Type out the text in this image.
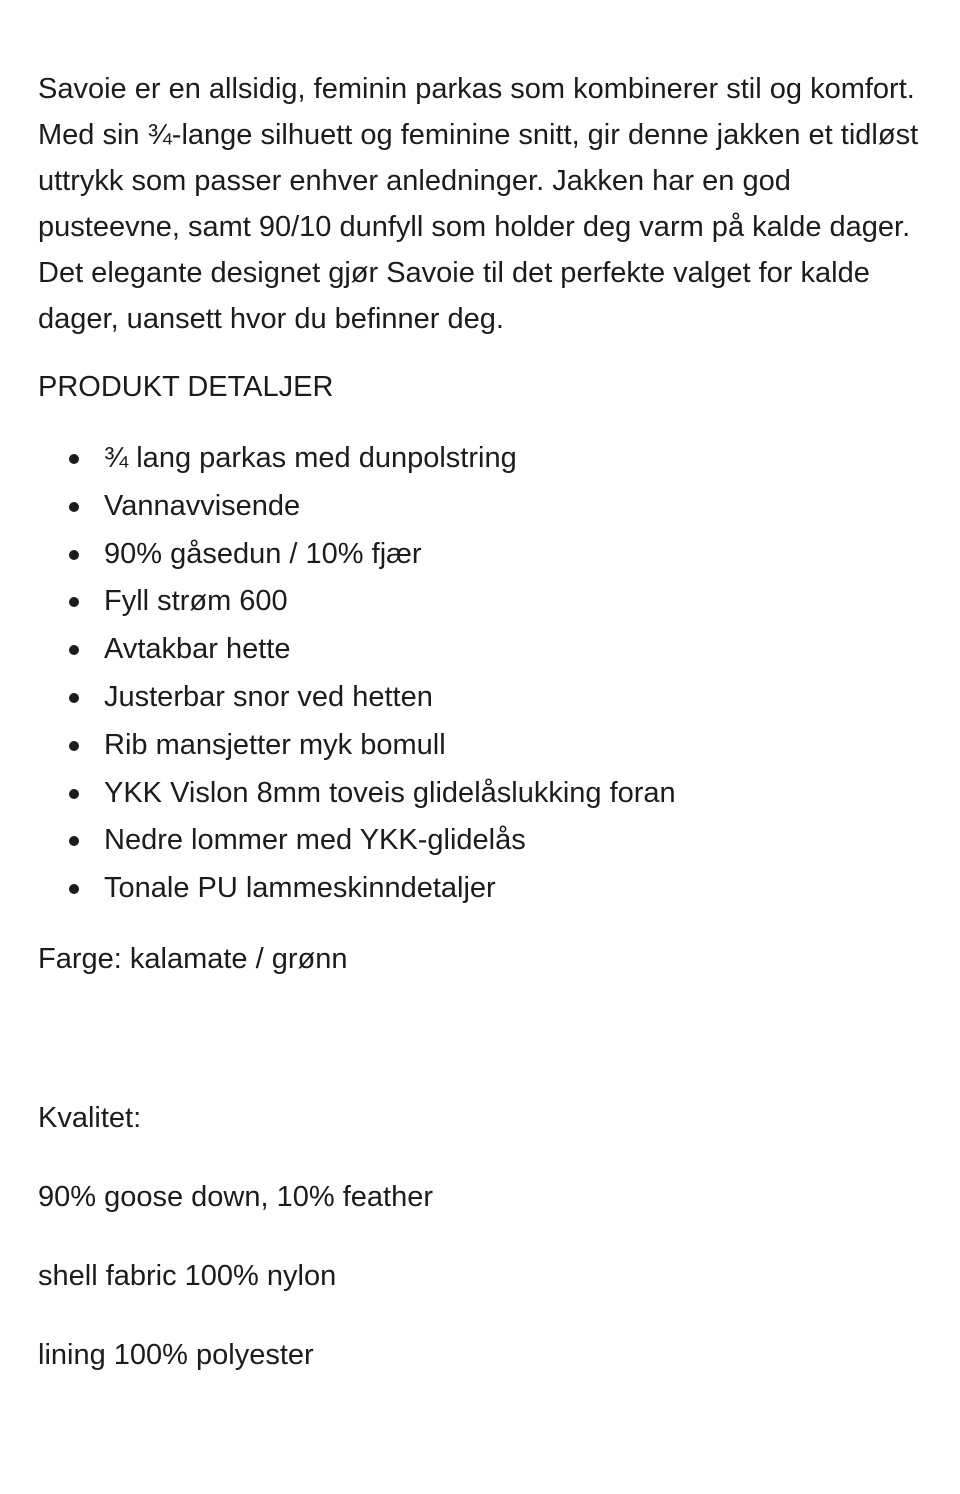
Savoie er en allsidig, feminin parkas som kombinerer stil og komfort. Med sin ¾-lange silhuett og feminine snitt, gir denne jakken et tidløst uttrykk som passer enhver anledninger. Jakken har en god pusteevne, samt 90/10 dunfyll som holder deg varm på kalde dager. Det elegante designet gjør Savoie til det perfekte valget for kalde dager, uansett hvor du befinner deg.

PRODUKT DETALJER

¾ lang parkas med dunpolstring
Vannavvisende
90% gåsedun / 10% fjær
Fyll strøm 600
Avtakbar hette
Justerbar snor ved hetten
Rib mansjetter myk bomull
YKK Vislon 8mm toveis glidelåslukking foran
Nedre lommer med YKK-glidelås
Tonale PU lammeskinndetaljer

Farge: kalamate / grønn

Kvalitet:

90% goose down, 10% feather

shell fabric 100% nylon

lining 100% polyester
